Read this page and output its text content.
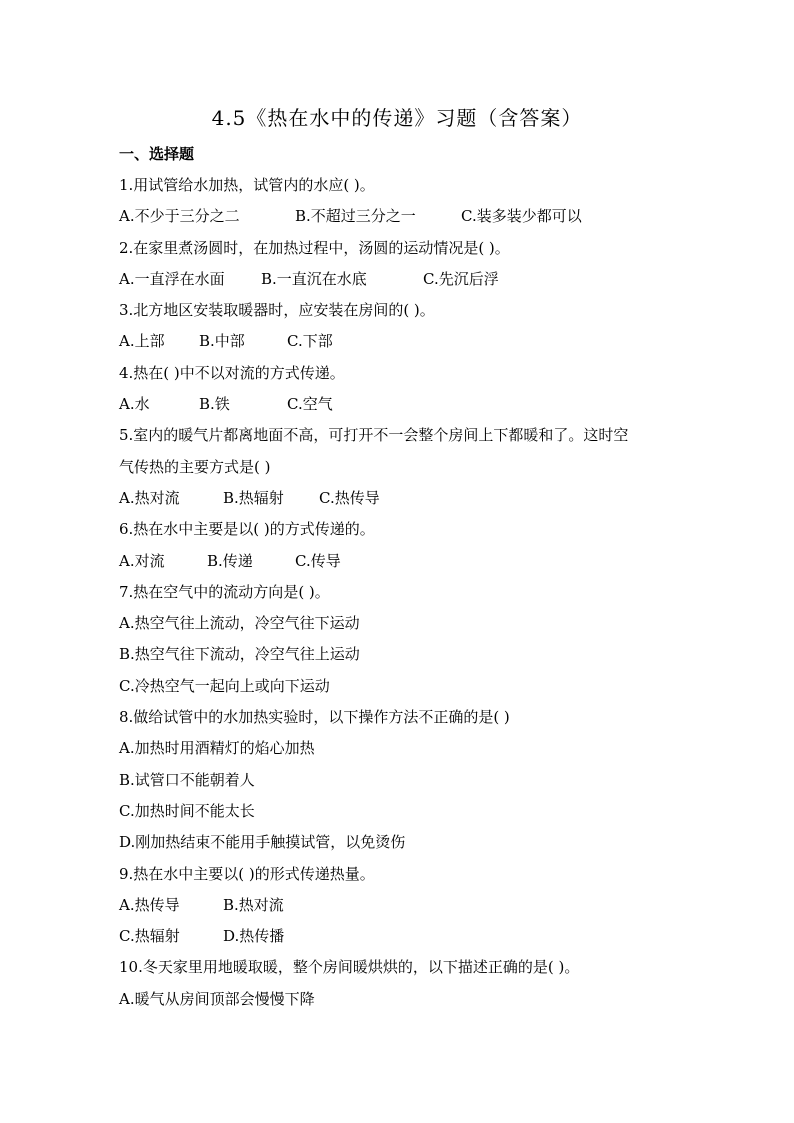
4.5《热在水中的传递》习题（含答案）
一、选择题
1.用试管给水加热，试管内的水应( )。
A.不少于三分之二	B.不超过三分之一	C.装多装少都可以
2.在家里煮汤圆时，在加热过程中，汤圆的运动情况是( )。
A.一直浮在水面	B.一直沉在水底	C.先沉后浮
3.北方地区安装取暖器时，应安装在房间的( )。
A.上部	B.中部	C.下部
4.热在( )中不以对流的方式传递。
A.水	B.铁	C.空气
5.室内的暖气片都离地面不高，可打开不一会整个房间上下都暖和了。这时空
气传热的主要方式是( )
A.热对流	B.热辐射	C.热传导
6.热在水中主要是以( )的方式传递的。
A.对流	B.传递	C.传导
7.热在空气中的流动方向是( )。
A.热空气往上流动，冷空气往下运动
B.热空气往下流动，冷空气往上运动
C.冷热空气一起向上或向下运动
8.做给试管中的水加热实验时，以下操作方法不正确的是( )
A.加热时用酒精灯的焰心加热
B.试管口不能朝着人
C.加热时间不能太长
D.刚加热结束不能用手触摸试管，以免烫伤
9.热在水中主要以( )的形式传递热量。
A.热传导	B.热对流
C.热辐射	D.热传播
10.冬天家里用地暖取暖，整个房间暖烘烘的，以下描述正确的是( )。
A.暖气从房间顶部会慢慢下降
